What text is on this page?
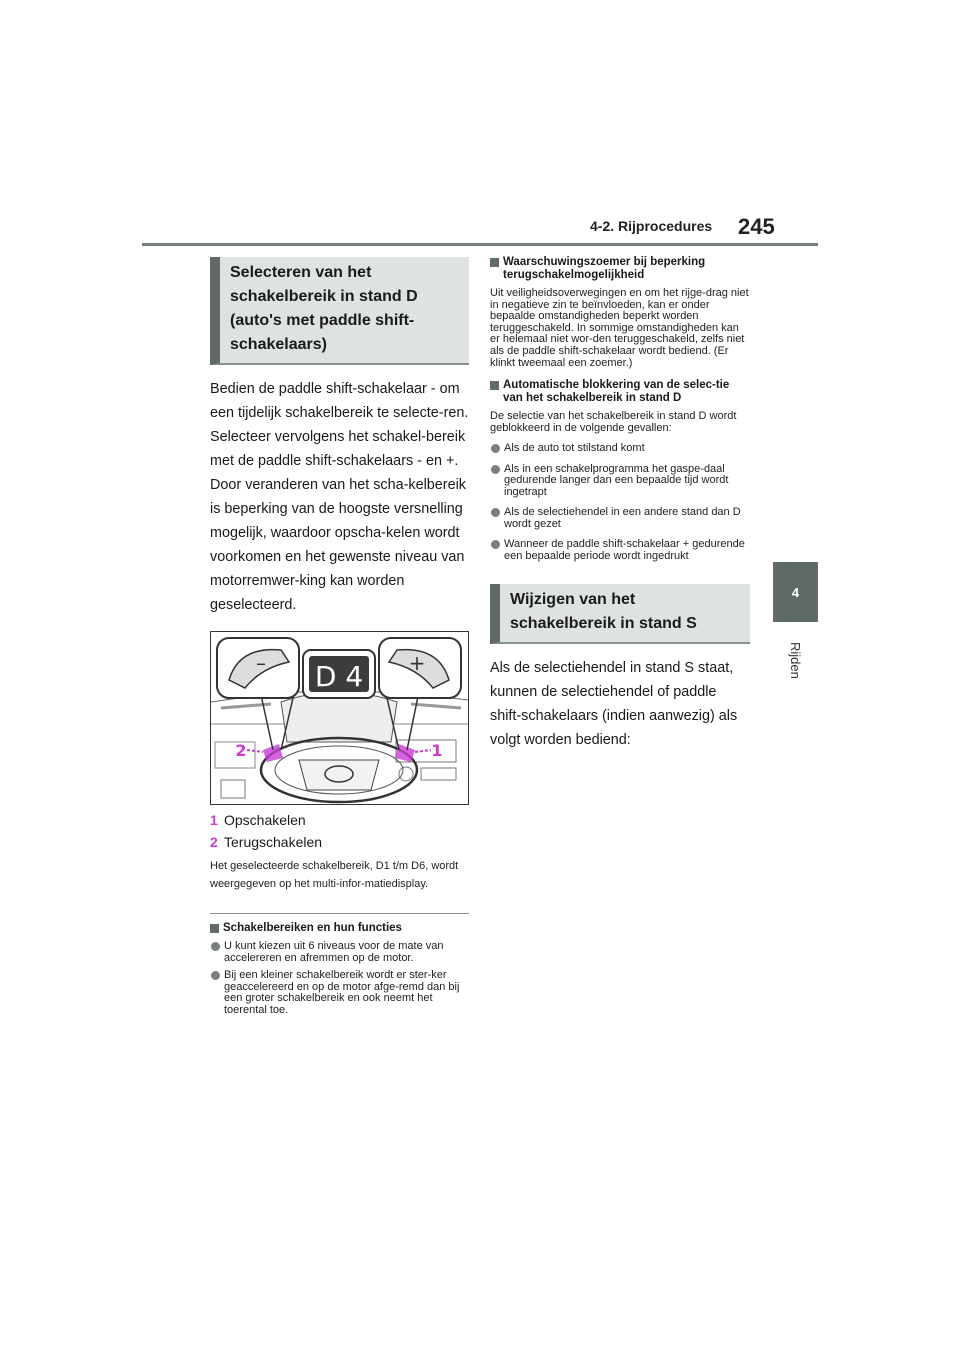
4-2. Rijprocedures 245
4
Rijden
Selecteren van het schakelbereik in stand D (auto's met paddle shift-schakelaars)
Bedien de paddle shift-schakelaar - om een tijdelijk schakelbereik te selecte-ren. Selecteer vervolgens het schakel-bereik met de paddle shift-schakelaars - en +. Door veranderen van het scha-kelbereik is beperking van de hoogste versnelling mogelijk, waardoor opscha-kelen wordt voorkomen en het gewenste niveau van motorremwer-king kan worden geselecteerd.
D 4
–	+
2	1
1 Opschakelen
2 Terugschakelen
Het geselecteerde schakelbereik, D1 t/m D6, wordt weergegeven op het multi-infor-matiedisplay.
Schakelbereiken en hun functies
U kunt kiezen uit 6 niveaus voor de mate van accelereren en afremmen op de motor.
Bij een kleiner schakelbereik wordt er ster-ker geaccelereerd en op de motor afge-remd dan bij een groter schakelbereik en ook neemt het toerental toe.
Waarschuwingszoemer bij beperking terugschakelmogelijkheid
Uit veiligheidsoverwegingen en om het rijge-drag niet in negatieve zin te beïnvloeden, kan er onder bepaalde omstandigheden beperkt worden teruggeschakeld. In sommige omstandigheden kan er helemaal niet wor-den teruggeschakeld, zelfs niet als de paddle shift-schakelaar wordt bediend. (Er klinkt tweemaal een zoemer.)
Automatische blokkering van de selec-tie van het schakelbereik in stand D
De selectie van het schakelbereik in stand D wordt geblokkeerd in de volgende gevallen:
Als de auto tot stilstand komt
Als in een schakelprogramma het gaspe-daal gedurende langer dan een bepaalde tijd wordt ingetrapt
Als de selectiehendel in een andere stand dan D wordt gezet
Wanneer de paddle shift-schakelaar + gedurende een bepaalde periode wordt ingedrukt
Wijzigen van het schakelbereik in stand S
Als de selectiehendel in stand S staat, kunnen de selectiehendel of paddle shift-schakelaars (indien aanwezig) als volgt worden bediend:
